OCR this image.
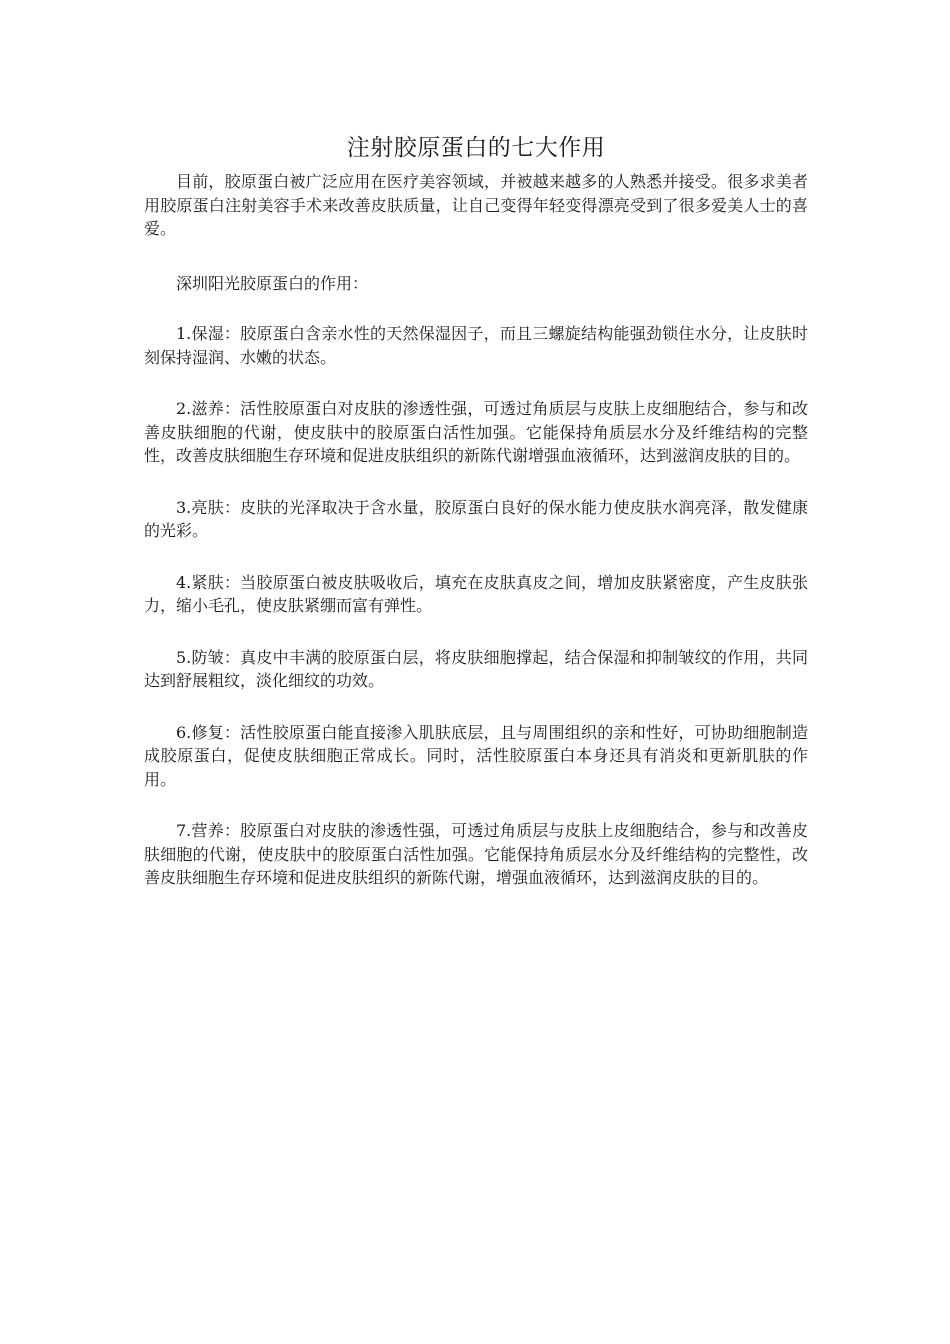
注射胶原蛋白的七大作用

目前，胶原蛋白被广泛应用在医疗美容领域，并被越来越多的人熟悉并接受。很多求美者用胶原蛋白注射美容手术来改善皮肤质量，让自己变得年轻变得漂亮受到了很多爱美人士的喜爱。

深圳阳光胶原蛋白的作用：

1.保湿：胶原蛋白含亲水性的天然保湿因子，而且三螺旋结构能强劲锁住水分，让皮肤时刻保持湿润、水嫩的状态。

2.滋养：活性胶原蛋白对皮肤的渗透性强，可透过角质层与皮肤上皮细胞结合，参与和改善皮肤细胞的代谢，使皮肤中的胶原蛋白活性加强。它能保持角质层水分及纤维结构的完整性，改善皮肤细胞生存环境和促进皮肤组织的新陈代谢增强血液循环，达到滋润皮肤的目的。

3.亮肤：皮肤的光泽取决于含水量，胶原蛋白良好的保水能力使皮肤水润亮泽，散发健康的光彩。

4.紧肤：当胶原蛋白被皮肤吸收后，填充在皮肤真皮之间，增加皮肤紧密度，产生皮肤张力，缩小毛孔，使皮肤紧绷而富有弹性。

5.防皱：真皮中丰满的胶原蛋白层，将皮肤细胞撑起，结合保湿和抑制皱纹的作用，共同达到舒展粗纹，淡化细纹的功效。

6.修复：活性胶原蛋白能直接渗入肌肤底层，且与周围组织的亲和性好，可协助细胞制造成胶原蛋白，促使皮肤细胞正常成长。同时，活性胶原蛋白本身还具有消炎和更新肌肤的作用。

7.营养：胶原蛋白对皮肤的渗透性强，可透过角质层与皮肤上皮细胞结合，参与和改善皮肤细胞的代谢，使皮肤中的胶原蛋白活性加强。它能保持角质层水分及纤维结构的完整性，改善皮肤细胞生存环境和促进皮肤组织的新陈代谢，增强血液循环，达到滋润皮肤的目的。
